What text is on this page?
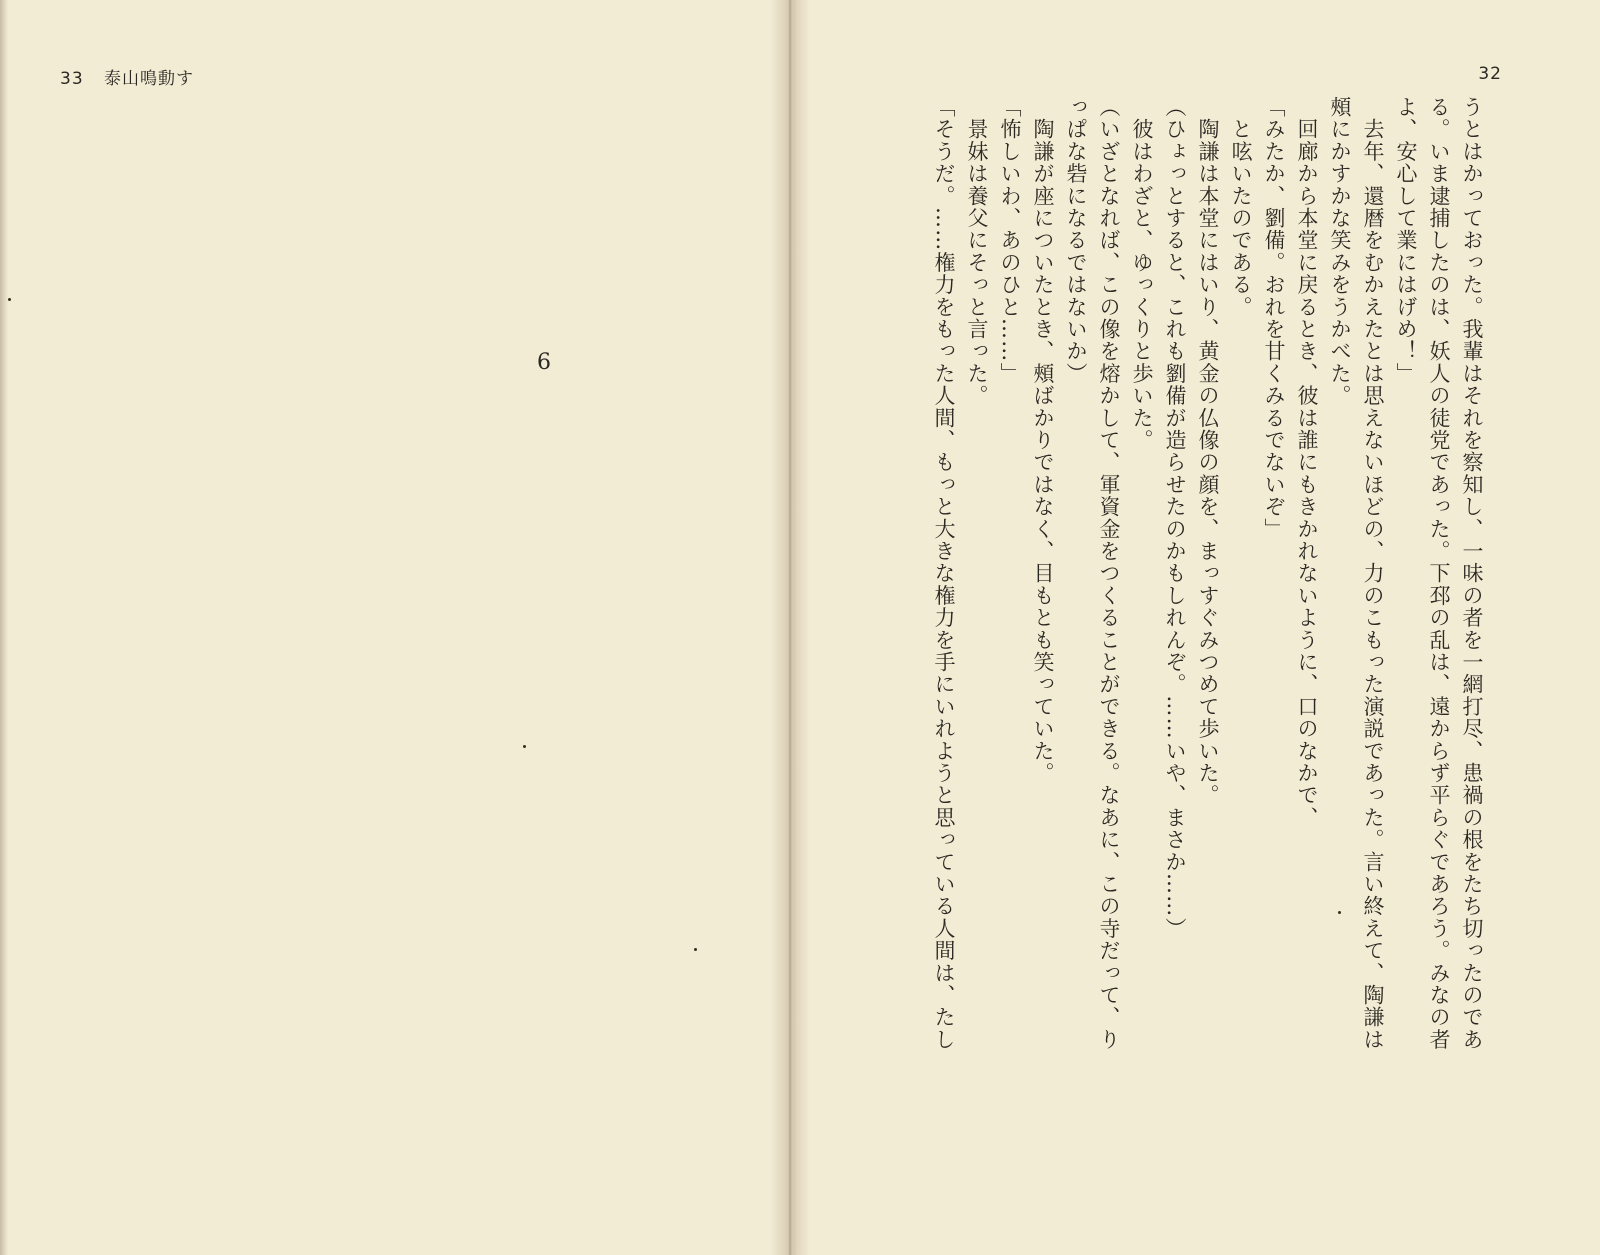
33 泰山鳴動す

6
32
うとはかっておった。我輩はそれを察知し、一味の者を一網打尽、患禍の根をたち切ったのであ
る。いま逮捕したのは、妖人の徒党であった。下邳の乱は、遠からず平らぐであろう。みなの者
よ、安心して業にはげめ！」
　去年、還暦をむかえたとは思えないほどの、力のこもった演説であった。言い終えて、陶謙は
頰にかすかな笑みをうかべた。
　回廊から本堂に戻るとき、彼は誰にもきかれないように、口のなかで、
「みたか、劉備。おれを甘くみるでないぞ」
　と呟いたのである。
　陶謙は本堂にはいり、黄金の仏像の顔を、まっすぐみつめて歩いた。
（ひょっとすると、これも劉備が造らせたのかもしれんぞ。……いや、まさか……）
　彼はわざと、ゆっくりと歩いた。
（いざとなれば、この像を熔かして、軍資金をつくることができる。なあに、この寺だって、り
っぱな砦になるではないか）
　陶謙が座についたとき、頰ばかりではなく、目もとも笑っていた。
「怖しいわ、あのひと……」
　景妹は養父にそっと言った。
「そうだ。……権力をもった人間、もっと大きな権力を手にいれようと思っている人間は、たし
